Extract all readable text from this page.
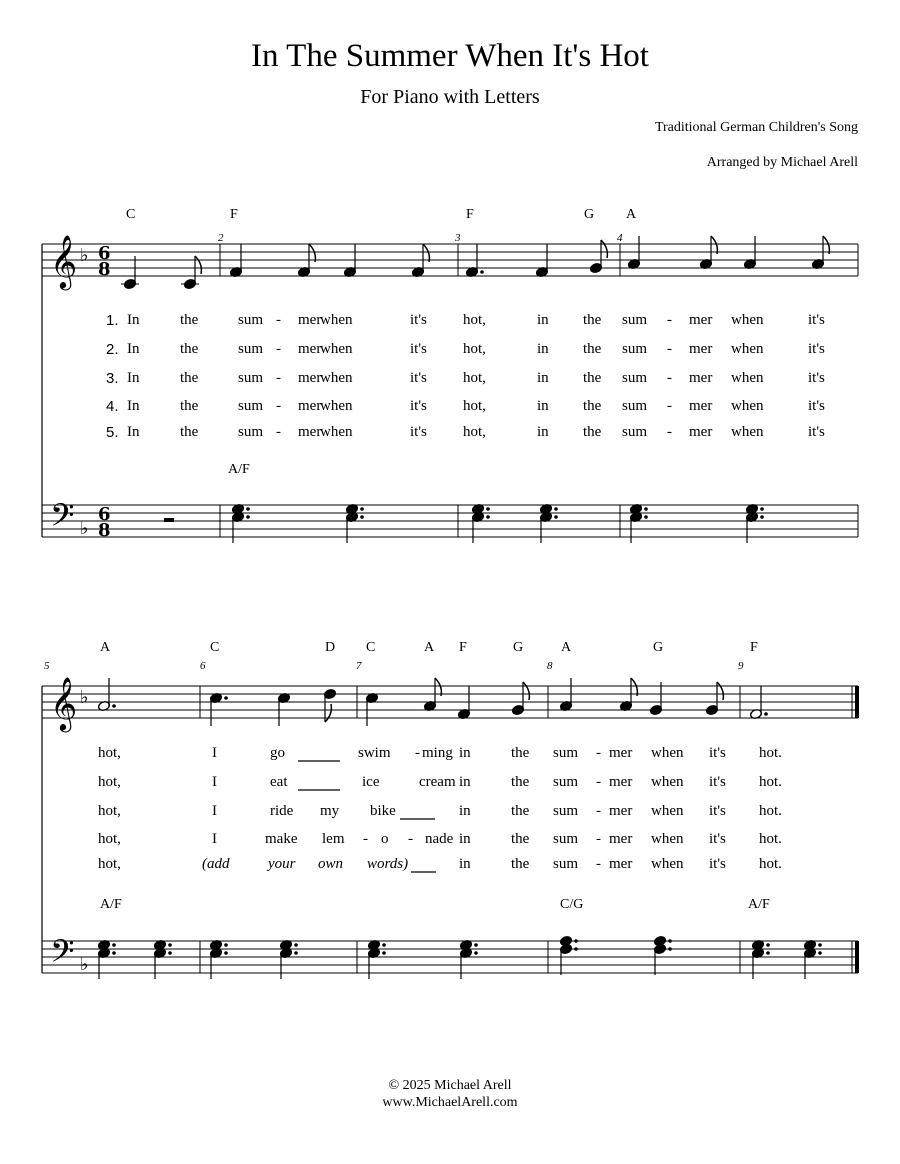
In The Summer When It's Hot
For Piano with Letters
Traditional German Children's Song
Arranged by Michael Arell
𝄞 ♭ 6
8
𝄢 ♭
6
8
𝄞 ♭
𝄢 ♭
C	F	F	G A
2	3	4
A	C	D C	A F	G	A	G	F
5	6	7	8	9
A/F
A/F	C/G	A/F
1. In	the	sum - mer
when	it's hot,	in the sum - mer when	it's
2. In	the	sum - mer
when	it's hot,	in the sum - mer when	it's
3. In	the	sum - mer
when	it's hot,	in the sum - mer when	it's
4. In	the	sum - mer
when	it's hot,	in the sum - mer when	it's
5. In	the	sum - mer
when	it's hot,	in the sum - mer when	it's
hot,	I	go	swim - ming in	the sum - mer when it's hot.
hot,	I	eat	ice	cream in	the sum - mer when it's hot.
hot,	I	ride my bike	in	the sum - mer when it's hot.
hot,	I	make lem - o - nade in	the sum - mer when it's hot.
hot,	(add	your own words)	in	the sum - mer when it's hot.
© 2025 Michael Arell
www.MichaelArell.com
